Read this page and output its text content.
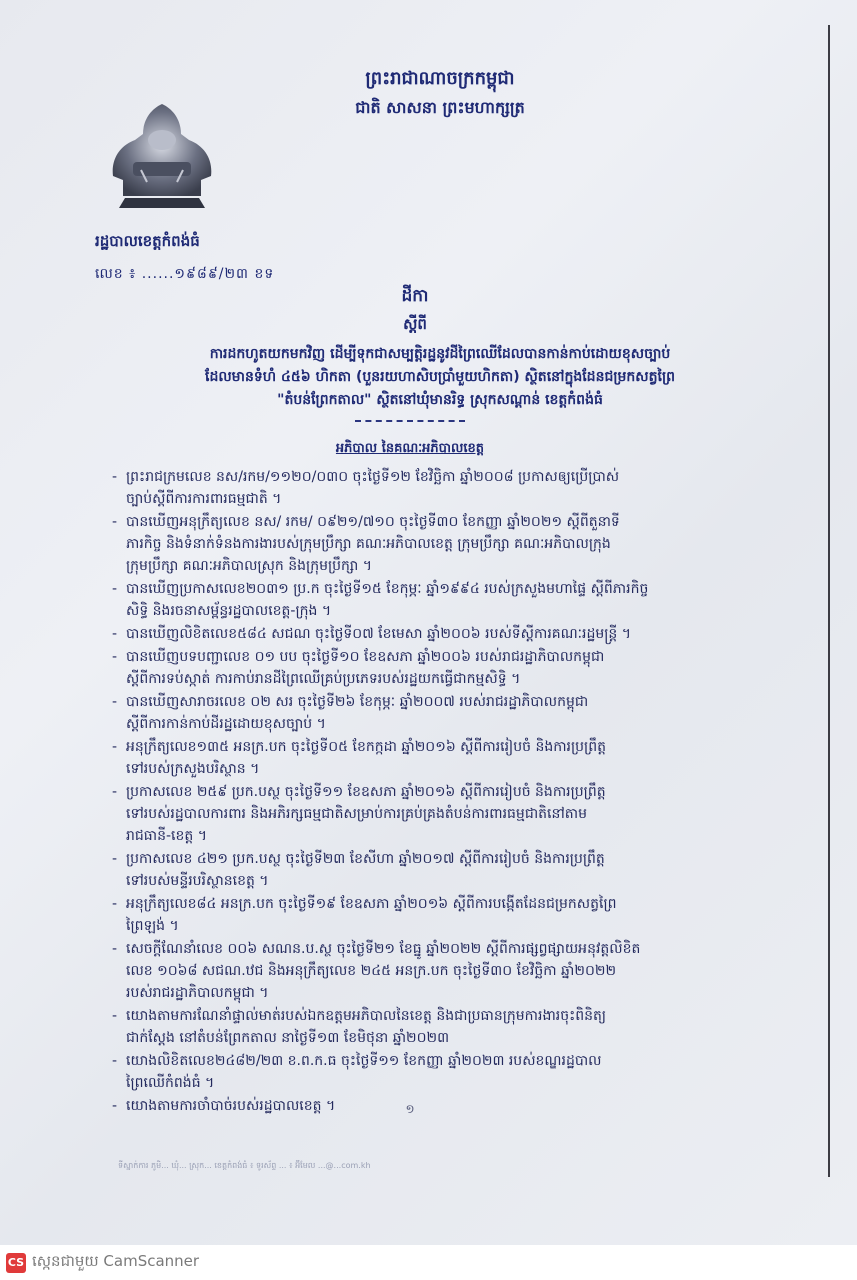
ព្រះរាជាណាចក្រកម្ពុជា
ជាតិ សាសនា ព្រះមហាក្សត្រ
រដ្ឋបាលខេត្តកំពង់ធំ
លេខ ៖ ......១៩៨៩/២៣ ខទ
ដីកា
ស្ដីពី
ការដកហូតយកមកវិញ ដើម្បីទុកជាសម្បត្តិរដ្ឋនូវដីព្រៃឈើដែលបានកាន់កាប់ដោយខុសច្បាប់
ដែលមានទំហំ ៤៥៦ ហិកតា (បួនរយហាសិបប្រាំមួយហិកតា) ស្ថិតនៅក្នុងដែនជម្រកសត្វព្រៃ
"តំបន់ព្រែកតាល" ស្ថិតនៅឃុំមានរិទ្ធ ស្រុកសណ្ដាន់ ខេត្តកំពង់ធំ
អភិបាល នៃគណៈអភិបាលខេត្ត
- ព្រះរាជក្រមលេខ នស/រកម/១១២០/០៣០ ចុះថ្ងៃទី១២ ខែវិច្ឆិកា ឆ្នាំ២០០៨ ប្រកាសឲ្យប្រើប្រាស់
ច្បាប់ស្ដីពីការការពារធម្មជាតិ ។
- បានឃើញអនុក្រឹត្យលេខ នស/ រកម/ ០៩២១/៧១០ ចុះថ្ងៃទី៣០ ខែកញ្ញា ឆ្នាំ២០២១ ស្ដីពីតួនាទី
ភារកិច្ច និងទំនាក់ទំនងការងារបស់ក្រុមប្រឹក្សា គណៈអភិបាលខេត្ត ក្រុមប្រឹក្សា គណៈអភិបាលក្រុង
ក្រុមប្រឹក្សា គណៈអភិបាលស្រុក និងក្រុមប្រឹក្សា ។
- បានឃើញប្រកាសលេខ២០៣១ ប្រ.ក ចុះថ្ងៃទី១៥ ខែកុម្ភៈ ឆ្នាំ១៩៩៤ របស់ក្រសួងមហាផ្ទៃ ស្ដីពីភារកិច្ច
សិទ្ធិ និងរចនាសម្ព័ន្ធរដ្ឋបាលខេត្ត-ក្រុង ។
- បានឃើញលិខិតលេខ៥៨៤ សជណ ចុះថ្ងៃទី០៧ ខែមេសា ឆ្នាំ២០០៦ របស់ទីស្ដីការគណៈរដ្ឋមន្ត្រី ។
- បានឃើញបទបញ្ជាលេខ ០១ បប ចុះថ្ងៃទី១០ ខែឧសភា ឆ្នាំ២០០៦ របស់រាជរដ្ឋាភិបាលកម្ពុជា
ស្ដីពីការទប់ស្កាត់ ការកាប់រានដីព្រៃឈើគ្រប់ប្រភេទរបស់រដ្ឋយកធ្វើជាកម្មសិទ្ធិ ។
- បានឃើញសារាចរលេខ ០២ សរ ចុះថ្ងៃទី២៦ ខែកុម្ភៈ ឆ្នាំ២០០៧ របស់រាជរដ្ឋាភិបាលកម្ពុជា
ស្ដីពីការកាន់កាប់ដីរដ្ឋដោយខុសច្បាប់ ។
- អនុក្រឹត្យលេខ១៣៥ អនក្រ.បក ចុះថ្ងៃទី០៥ ខែកក្កដា ឆ្នាំ២០១៦ ស្ដីពីការរៀបចំ និងការប្រព្រឹត្ត
ទៅរបស់ក្រសួងបរិស្ថាន ។
- ប្រកាសលេខ ២៥៩ ប្រក.បស្ថ ចុះថ្ងៃទី១១ ខែឧសភា ឆ្នាំ២០១៦ ស្ដីពីការរៀបចំ និងការប្រព្រឹត្ត
ទៅរបស់រដ្ឋបាលការពារ និងអភិរក្សធម្មជាតិសម្រាប់ការគ្រប់គ្រងតំបន់ការពារធម្មជាតិនៅតាម
រាជធានី-ខេត្ត ។
- ប្រកាសលេខ ៤២១ ប្រក.បស្ថ ចុះថ្ងៃទី២៣ ខែសីហា ឆ្នាំ២០១៧ ស្ដីពីការរៀបចំ និងការប្រព្រឹត្ត
ទៅរបស់មន្ទីរបរិស្ថានខេត្ត ។
- អនុក្រឹត្យលេខ៨៤ អនក្រ.បក ចុះថ្ងៃទី១៩ ខែឧសភា ឆ្នាំ២០១៦ ស្ដីពីការបង្កើតដែនជម្រកសត្វព្រៃ
ព្រៃឡង់ ។
- សេចក្ដីណែនាំលេខ ០០៦ សណន.ប.ស្ថ ចុះថ្ងៃទី២១ ខែធ្នូ ឆ្នាំ២០២២ ស្ដីពីការផ្សព្វផ្សាយអនុវត្តលិខិត
លេខ ១០៦៨ សជណ.ឋជ និងអនុក្រឹត្យលេខ ២៤៥ អនក្រ.បក ចុះថ្ងៃទី៣០ ខែវិច្ឆិកា ឆ្នាំ២០២២
របស់រាជរដ្ឋាភិបាលកម្ពុជា ។
- យោងតាមការណែនាំផ្ទាល់មាត់របស់ឯកឧត្ដមអភិបាលនៃខេត្ត និងជាប្រធានក្រុមការងារចុះពិនិត្យ
ជាក់ស្ដែង នៅតំបន់ព្រែកតាល នាថ្ងៃទី១៣ ខែមិថុនា ឆ្នាំ២០២៣
- យោងលិខិតលេខ២៤៨២/២៣ ខ.ព.ក.ធ ចុះថ្ងៃទី១១ ខែកញ្ញា ឆ្នាំ២០២៣ របស់ខណ្ឌរដ្ឋបាល
ព្រៃឈើកំពង់ធំ ។
- យោងតាមការចាំបាច់របស់រដ្ឋបាលខេត្ត ។	១
ទីស្នាក់ការ ភូមិ... ឃុំ... ស្រុក... ខេត្តកំពង់ធំ ៖ ទូរស័ព្ទ ... ៖ អ៊ីមែល ...@...com.kh
CS ស្កេនជាមួយ CamScanner
